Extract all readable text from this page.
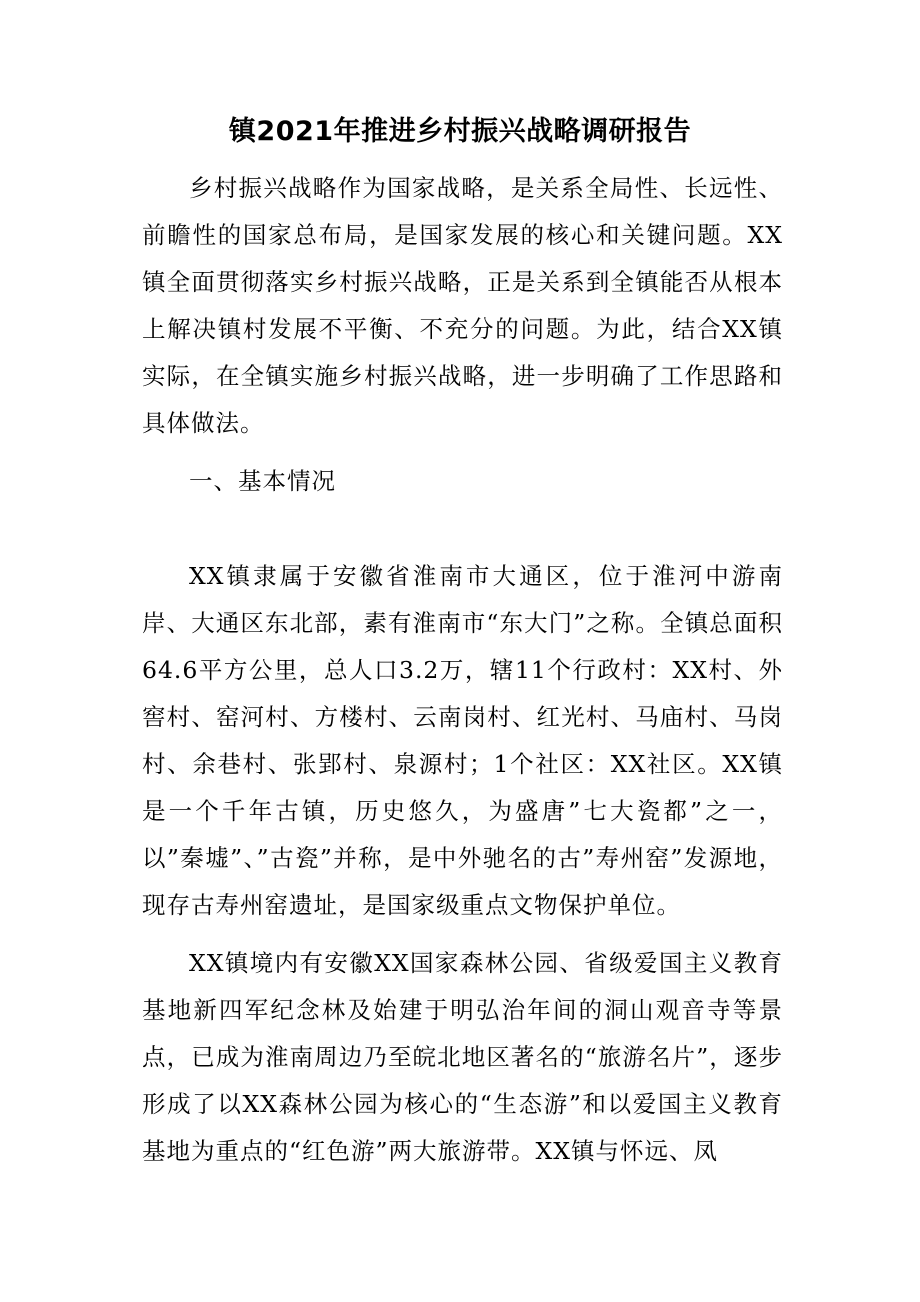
镇2021年推进乡村振兴战略调研报告

乡村振兴战略作为国家战略，是关系全局性、长远性、前瞻性的国家总布局，是国家发展的核心和关键问题。XX镇全面贯彻落实乡村振兴战略，正是关系到全镇能否从根本上解决镇村发展不平衡、不充分的问题。为此，结合XX镇实际，在全镇实施乡村振兴战略，进一步明确了工作思路和具体做法。

一、基本情况

XX镇隶属于安徽省淮南市大通区，位于淮河中游南岸、大通区东北部，素有淮南市“东大门”之称。全镇总面积64.6平方公里，总人口3.2万，辖11个行政村：XX村、外窖村、窑河村、方楼村、云南岗村、红光村、马庙村、马岗村、余巷村、张郢村、泉源村；1个社区：XX社区。XX镇是一个千年古镇，历史悠久，为盛唐”七大瓷都”之一，以”秦墟”、”古瓷”并称，是中外驰名的古”寿州窑”发源地，现存古寿州窑遗址，是国家级重点文物保护单位。

XX镇境内有安徽XX国家森林公园、省级爱国主义教育基地新四军纪念林及始建于明弘治年间的洞山观音寺等景点，已成为淮南周边乃至皖北地区著名的“旅游名片”，逐步形成了以XX森林公园为核心的“生态游”和以爱国主义教育基地为重点的“红色游”两大旅游带。XX镇与怀远、凤
